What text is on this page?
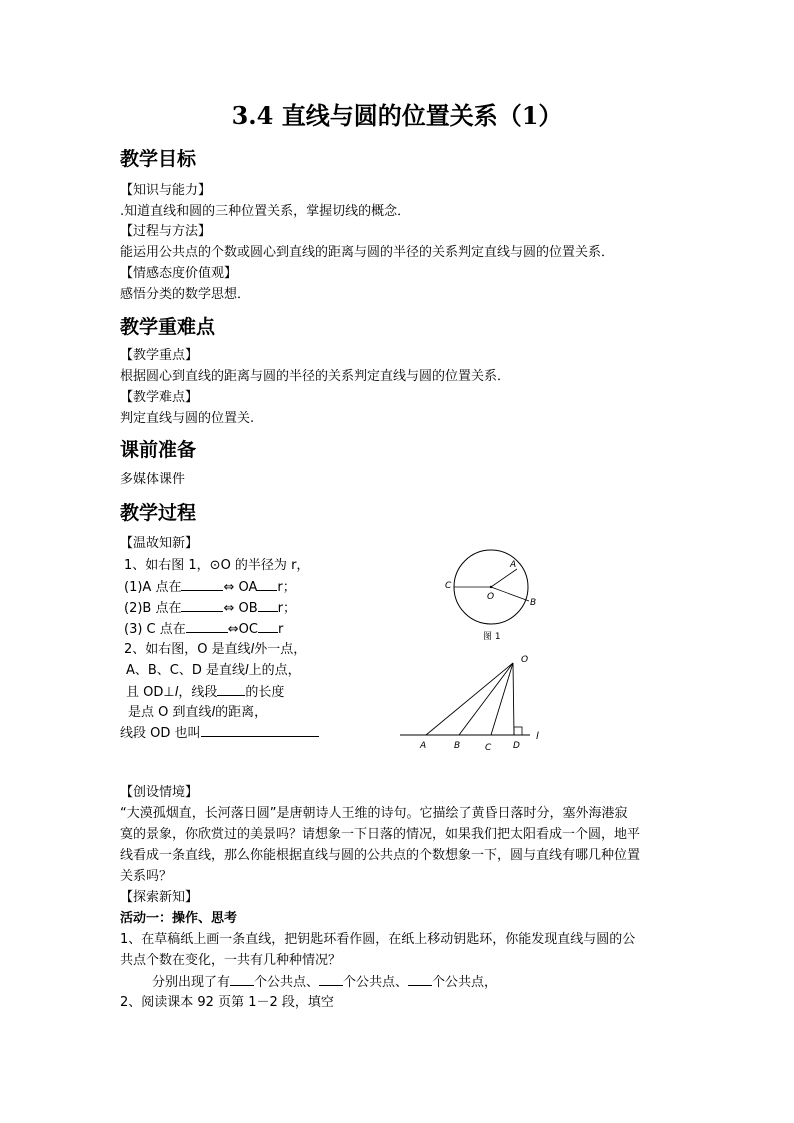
3.4 直线与圆的位置关系（1）
教学目标
【知识与能力】
.知道直线和圆的三种位置关系，掌握切线的概念．
【过程与方法】
能运用公共点的个数或圆心到直线的距离与圆的半径的关系判定直线与圆的位置关系．
【情感态度价值观】
感悟分类的数学思想．
教学重难点
【教学重点】
根据圆心到直线的距离与圆的半径的关系判定直线与圆的位置关系．
【教学难点】
判定直线与圆的位置关.
课前准备
多媒体课件
教学过程
【温故知新】
1、如右图 1，⊙O 的半径为 r，
(1)A 点在	⇔ OA r；
(2)B 点在	⇔ OB r；
(3) C 点在	⇔OC r
2、如右图，O 是直线l外一点，
A、B、C、D 是直线l上的点，
且 OD⊥l，线段 的长度
是点 O 到直线l的距离，
线段 OD 也叫
C
A
O
B
图 1
O
A	B	C D
l
【创设情境】
“大漠孤烟直，长河落日圆”是唐朝诗人王维的诗句。它描绘了黄昏日落时分，塞外海港寂
寞的景象，你欣赏过的美景吗？请想象一下日落的情况，如果我们把太阳看成一个圆，地平
线看成一条直线，那么你能根据直线与圆的公共点的个数想象一下，圆与直线有哪几种位置
关系吗？
【探索新知】
活动一：操作、思考
1、在草稿纸上画一条直线，把钥匙环看作圆，在纸上移动钥匙环，你能发现直线与圆的公
共点个数在变化，一共有几种种情况？
分别出现了有 个公共点、 个公共点、 个公共点，
2、阅读课本 92 页第 1－2 段，填空
